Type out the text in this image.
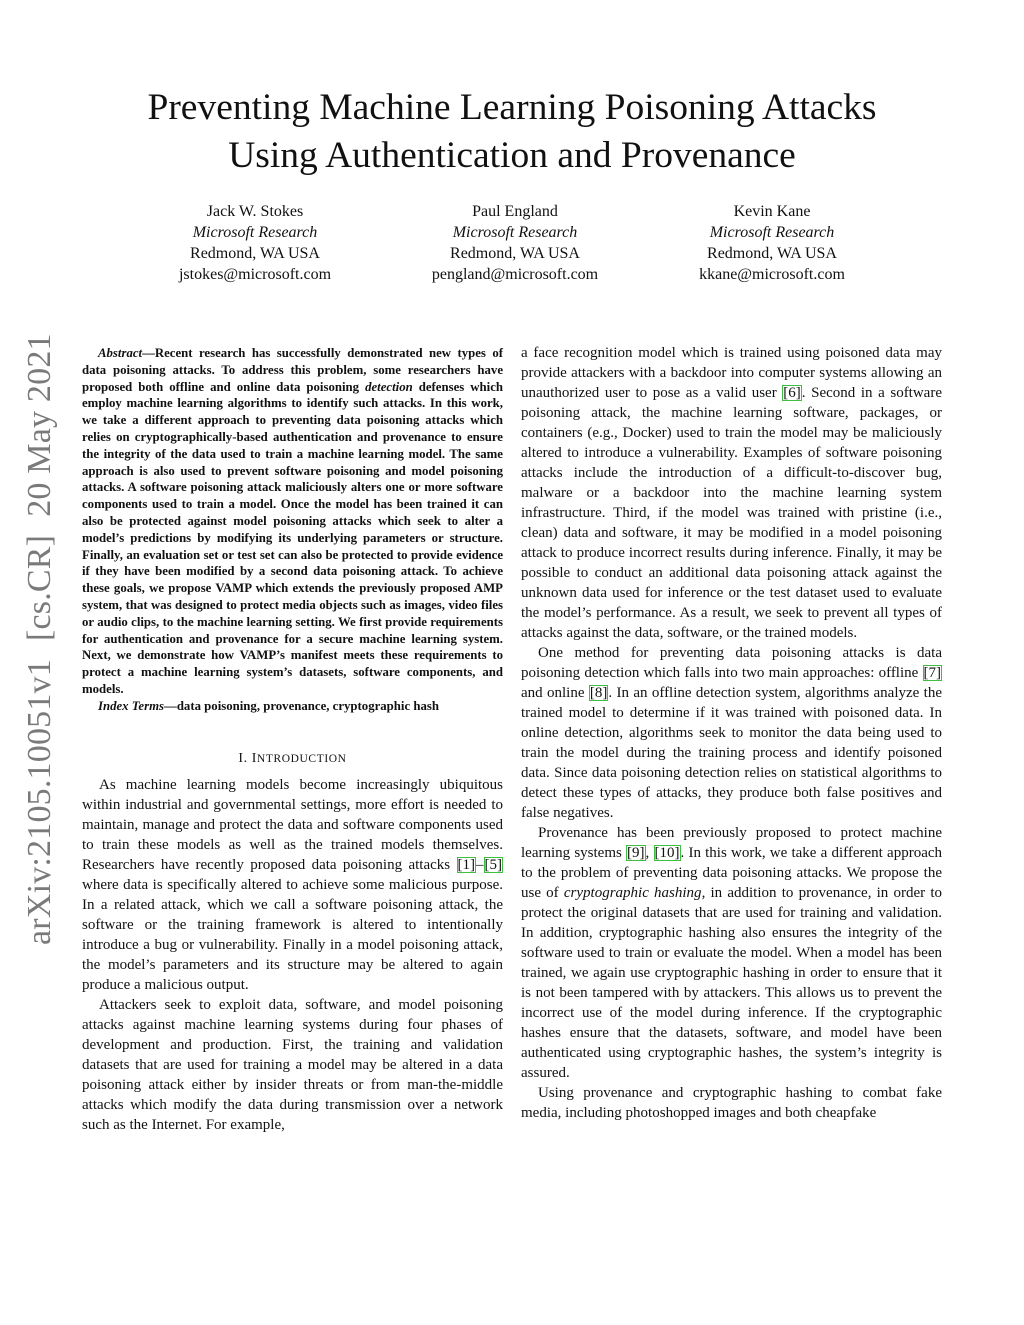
Preventing Machine Learning Poisoning Attacks
Using Authentication and Provenance
Jack W. Stokes
Microsoft Research
Redmond, WA USA
jstokes@microsoft.com
Paul England
Microsoft Research
Redmond, WA USA
pengland@microsoft.com
Kevin Kane
Microsoft Research
Redmond, WA USA
kkane@microsoft.com
arXiv:2105.10051v1[cs.CR]20 May 2021	Abstract—Recent research has successfully demonstrated new types of data poisoning attacks. To address this problem, some researchers have proposed both offline and online data poisoning detection defenses which employ machine learning algorithms to identify such attacks. In this work, we take a different approach to preventing data poisoning attacks which relies on cryptographically-based authentication and provenance to ensure the integrity of the data used to train a machine learning model. The same approach is also used to prevent software poisoning and model poisoning attacks. A software poisoning attack maliciously alters one or more software components used to train a model. Once the model has been trained it can also be protected against model poisoning attacks which seek to alter a model’s predictions by modifying its underlying parameters or structure. Finally, an evaluation set or test set can also be protected to provide evidence if they have been modified by a second data poisoning attack. To achieve these goals, we propose VAMP which extends the previously proposed AMP system, that was designed to protect media objects such as images, video files or audio clips, to the machine learning setting. We first provide requirements for authentication and provenance for a secure machine learning system. Next, we demonstrate how VAMP’s manifest meets these requirements to protect a machine learning system’s datasets, software components, and models.

Index Terms—data poisoning, provenance, cryptographic hash

I. INTRODUCTION

As machine learning models become increasingly ubiquitous within industrial and governmental settings, more effort is needed to maintain, manage and protect the data and software components used to train these models as well as the trained models themselves. Researchers have recently proposed data poisoning attacks [1]–[5] where data is specifically altered to achieve some malicious purpose. In a related attack, which we call a software poisoning attack, the software or the training framework is altered to intentionally introduce a bug or vulnerability. Finally in a model poisoning attack, the model’s parameters and its structure may be altered to again produce a malicious output.

Attackers seek to exploit data, software, and model poisoning attacks against machine learning systems during four phases of development and production. First, the training and validation datasets that are used for training a model may be altered in a data poisoning attack either by insider threats or from man-the-middle attacks which modify the data during transmission over a network such as the Internet. For example,

a face recognition model which is trained using poisoned data may provide attackers with a backdoor into computer systems allowing an unauthorized user to pose as a valid user [6]. Second in a software poisoning attack, the machine learning software, packages, or containers (e.g., Docker) used to train the model may be maliciously altered to introduce a vulnerability. Examples of software poisoning attacks include the introduction of a difficult-to-discover bug, malware or a backdoor into the machine learning system infrastructure. Third, if the model was trained with pristine (i.e., clean) data and software, it may be modified in a model poisoning attack to produce incorrect results during inference. Finally, it may be possible to conduct an additional data poisoning attack against the unknown data used for inference or the test dataset used to evaluate the model’s performance. As a result, we seek to prevent all types of attacks against the data, software, or the trained models.

One method for preventing data poisoning attacks is data poisoning detection which falls into two main approaches: offline [7] and online [8]. In an offline detection system, algorithms analyze the trained model to determine if it was trained with poisoned data. In online detection, algorithms seek to monitor the data being used to train the model during the training process and identify poisoned data. Since data poisoning detection relies on statistical algorithms to detect these types of attacks, they produce both false positives and false negatives.

Provenance has been previously proposed to protect machine learning systems [9], [10]. In this work, we take a different approach to the problem of preventing data poisoning attacks. We propose the use of cryptographic hashing, in addition to provenance, in order to protect the original datasets that are used for training and validation. In addition, cryptographic hashing also ensures the integrity of the software used to train or evaluate the model. When a model has been trained, we again use cryptographic hashing in order to ensure that it is not been tampered with by attackers. This allows us to prevent the incorrect use of the model during inference. If the cryptographic hashes ensure that the datasets, software, and model have been authenticated using cryptographic hashes, the system’s integrity is assured.

Using provenance and cryptographic hashing to combat fake media, including photoshopped images and both cheapfake
